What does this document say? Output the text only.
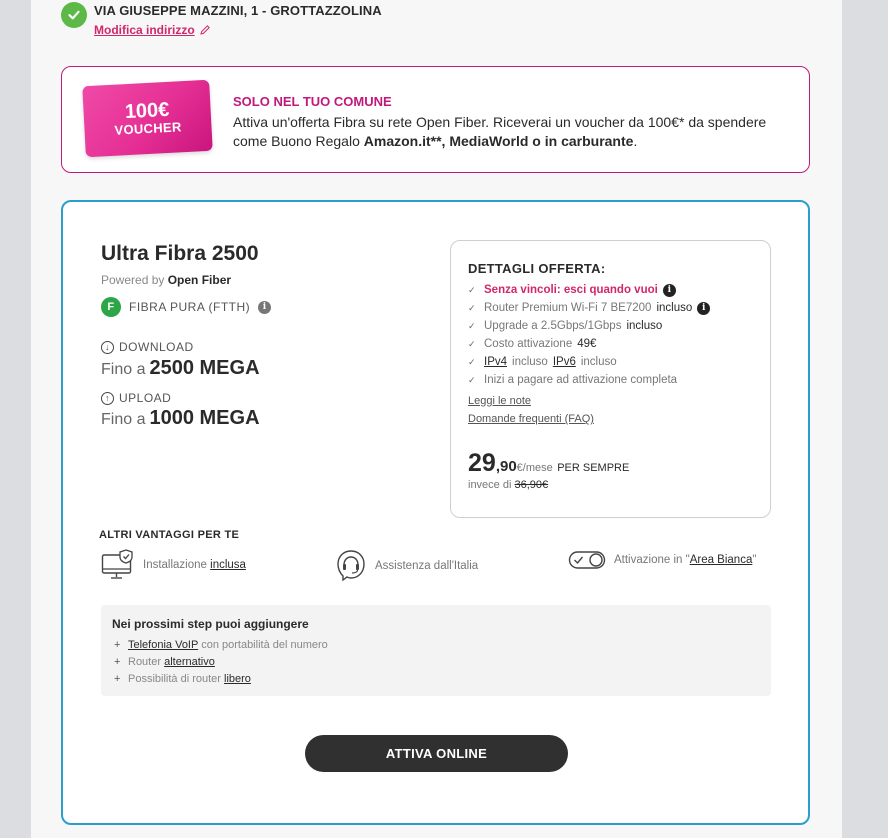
VIA GIUSEPPE MAZZINI, 1 - GROTTAZZOLINA
Modifica indirizzo
100€
VOUCHER
SOLO NEL TUO COMUNE
Attiva un'offerta Fibra su rete Open Fiber. Riceverai un voucher da 100€* da spendere come Buono Regalo Amazon.it**, MediaWorld o in carburante.
Ultra Fibra 2500
Powered by Open Fiber
F	FIBRA PURA (FTTH)	i
↓ DOWNLOAD
Fino a 2500 MEGA
↑ UPLOAD
Fino a 1000 MEGA
DETTAGLI OFFERTA:
✓ Senza vincoli: esci quando vuoi	i
✓ Router Premium Wi-Fi 7 BE7200 incluso	i
✓ Upgrade a 2.5Gbps/1Gbps incluso
✓ Costo attivazione 49€
✓ IPv4 incluso IPv6 incluso
✓ Inizi a pagare ad attivazione completa
Leggi le note
Domande frequenti (FAQ)
29,90€/mese PER SEMPRE
invece di 36,90€
ALTRI VANTAGGI PER TE
Installazione inclusa	Assistenza dall'Italia	Attivazione in "Area Bianca"
Nei prossimi step puoi aggiungere
+ Telefonia VoIP con portabilità del numero
+ Router alternativo
+ Possibilità di router libero
ATTIVA ONLINE
